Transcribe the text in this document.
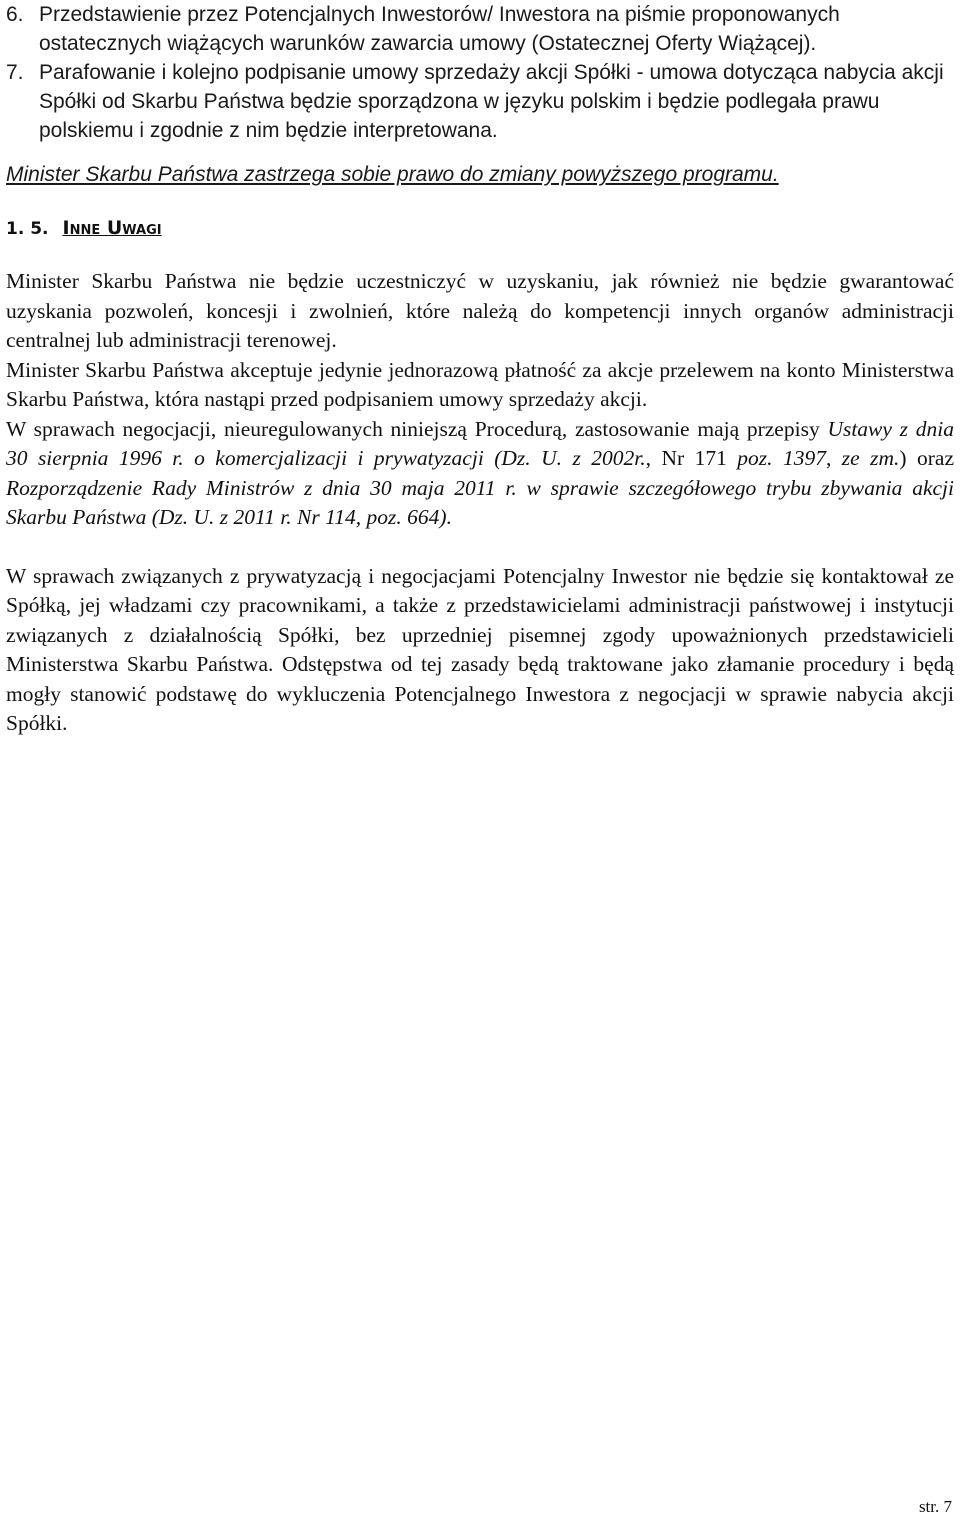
6. Przedstawienie przez Potencjalnych Inwestorów/ Inwestora na piśmie proponowanych ostatecznych wiążących warunków zawarcia umowy (Ostatecznej Oferty Wiążącej).
7. Parafowanie i kolejno podpisanie umowy sprzedaży akcji Spółki - umowa dotycząca nabycia akcji Spółki od Skarbu Państwa będzie sporządzona w języku polskim i będzie podlegała prawu polskiemu i zgodnie z nim będzie interpretowana.
Minister Skarbu Państwa zastrzega sobie prawo do zmiany powyższego programu.
1. 5. Inne Uwagi

Minister Skarbu Państwa nie będzie uczestniczyć w uzyskaniu, jak również nie będzie gwarantować uzyskania pozwoleń, koncesji i zwolnień, które należą do kompetencji innych organów administracji centralnej lub administracji terenowej.

Minister Skarbu Państwa akceptuje jedynie jednorazową płatność za akcje przelewem na konto Ministerstwa Skarbu Państwa, która nastąpi przed podpisaniem umowy sprzedaży akcji.

W sprawach negocjacji, nieuregulowanych niniejszą Procedurą, zastosowanie mają przepisy Ustawy z dnia 30 sierpnia 1996 r. o komercjalizacji i prywatyzacji (Dz. U. z 2002r., Nr 171 poz. 1397, ze zm.) oraz Rozporządzenie Rady Ministrów z dnia 30 maja 2011 r. w sprawie szczegółowego trybu zbywania akcji Skarbu Państwa (Dz. U. z 2011 r. Nr 114, poz. 664).

W sprawach związanych z prywatyzacją i negocjacjami Potencjalny Inwestor nie będzie się kontaktował ze Spółką, jej władzami czy pracownikami, a także z przedstawicielami administracji państwowej i instytucji związanych z działalnością Spółki, bez uprzedniej pisemnej zgody upoważnionych przedstawicieli Ministerstwa Skarbu Państwa. Odstępstwa od tej zasady będą traktowane jako złamanie procedury i będą mogły stanowić podstawę do wykluczenia Potencjalnego Inwestora z negocjacji w sprawie nabycia akcji Spółki.

str. 7
